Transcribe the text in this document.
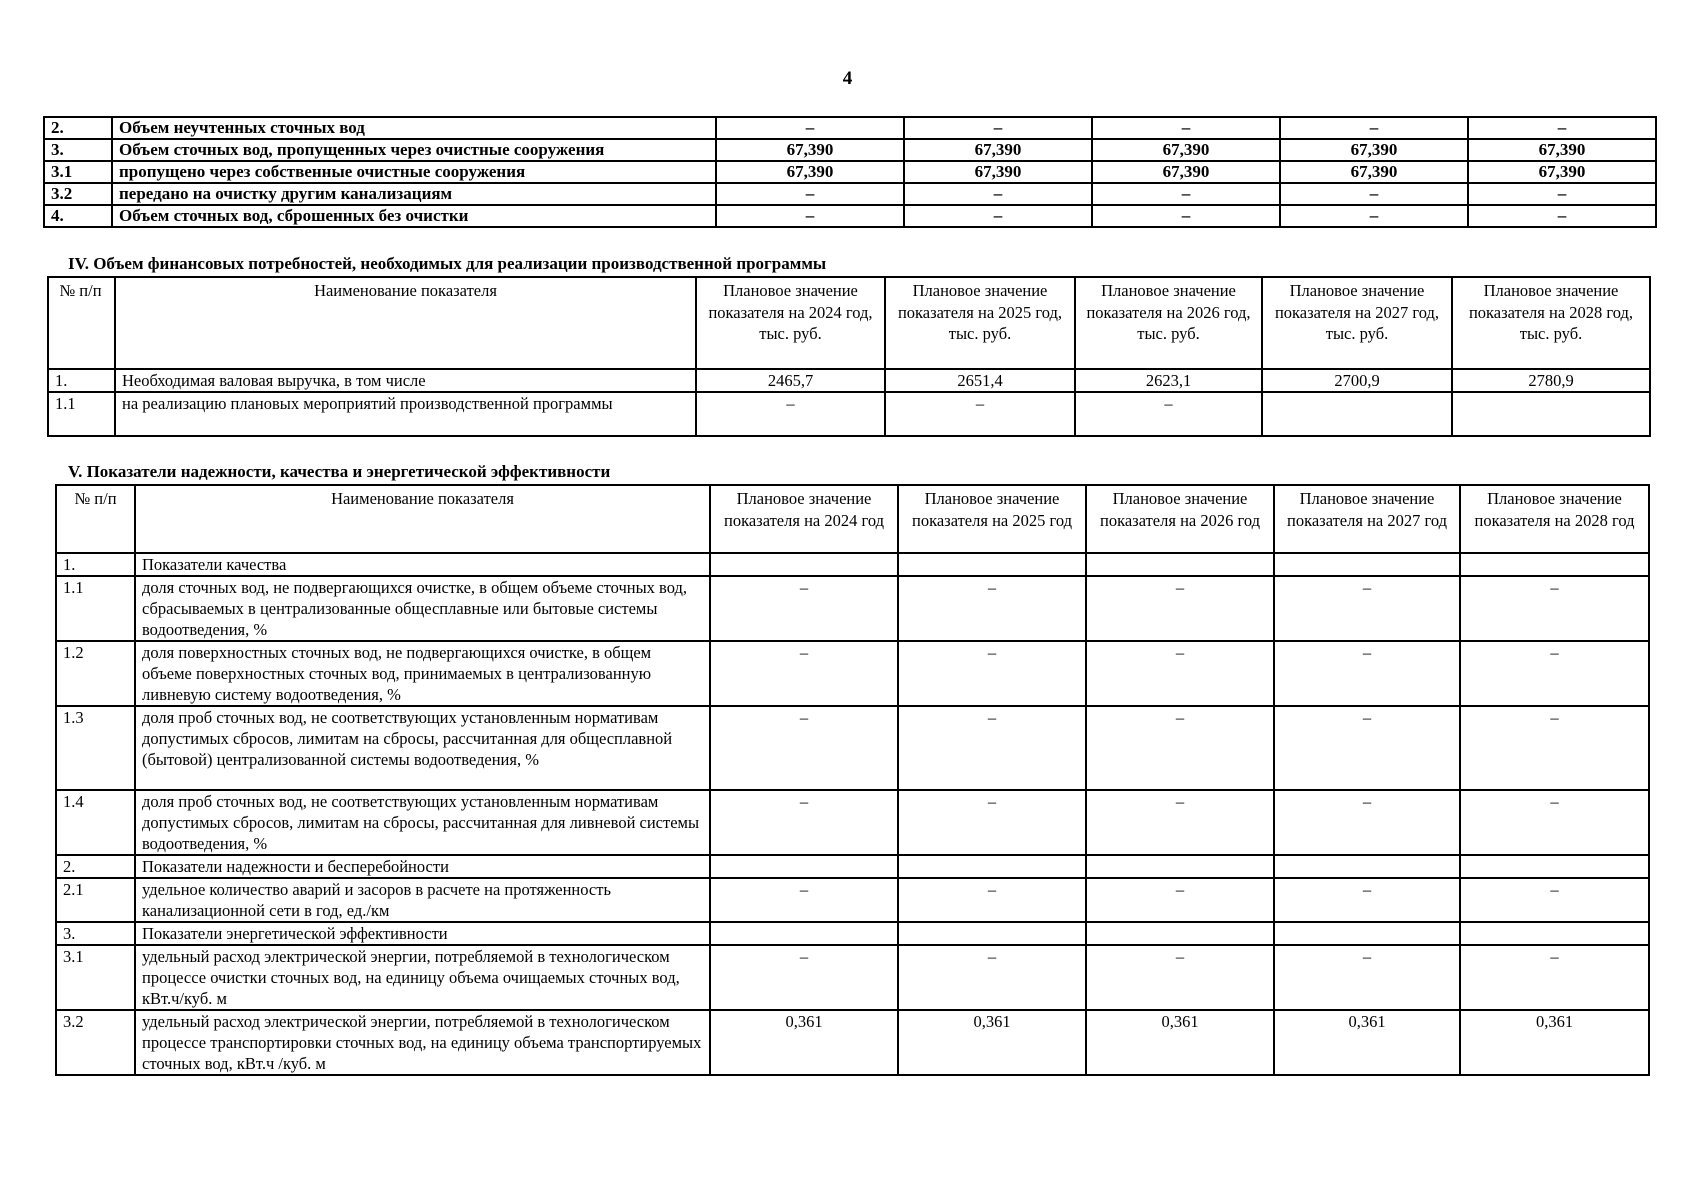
4
2.	Объем неучтенных сточных вод	–	–	–	–	–
3.	Объем сточных вод, пропущенных через очистные сооружения	67,390	67,390	67,390	67,390	67,390
3.1	пропущено через собственные очистные сооружения	67,390	67,390	67,390	67,390	67,390
3.2	передано на очистку другим канализациям	–	–	–	–	–
4.	Объем сточных вод, сброшенных без очистки	–	–	–	–	–
IV. Объем финансовых потребностей, необходимых для реализации производственной программы
№ п/п	Наименование показателя	Плановое значение показателя на 2024 год, тыс. руб.	Плановое значение показателя на 2025 год, тыс. руб.	Плановое значение показателя на 2026 год, тыс. руб.	Плановое значение показателя на 2027 год, тыс. руб.	Плановое значение показателя на 2028 год, тыс. руб.
1.	Необходимая валовая выручка, в том числе	2465,7	2651,4	2623,1	2700,9	2780,9
1.1	на реализацию плановых мероприятий производственной программы	–	–	–		
V. Показатели надежности, качества и энергетической эффективности
№ п/п	Наименование показателя	Плановое значение показателя на 2024 год	Плановое значение показателя на 2025 год	Плановое значение показателя на 2026 год	Плановое значение показателя на 2027 год	Плановое значение показателя на 2028 год
1.	Показатели качества					
1.1	доля сточных вод, не подвергающихся очистке, в общем объеме сточных вод, сбрасываемых в централизованные общесплавные или бытовые системы водоотведения, %	–	–	–	–	–
1.2	доля поверхностных сточных вод, не подвергающихся очистке, в общем объеме поверхностных сточных вод, принимаемых в централизованную ливневую систему водоотведения, %	–	–	–	–	–
1.3	доля проб сточных вод, не соответствующих установленным нормативам допустимых сбросов, лимитам на сбросы, рассчитанная для общесплавной (бытовой) централизованной системы водоотведения, %	–	–	–	–	–
1.4	доля проб сточных вод, не соответствующих установленным нормативам допустимых сбросов, лимитам на сбросы, рассчитанная для ливневой системы водоотведения, %	–	–	–	–	–
2.	Показатели надежности и бесперебойности					
2.1	удельное количество аварий и засоров в расчете на протяженность канализационной сети в год, ед./км	–	–	–	–	–
3.	Показатели энергетической эффективности					
3.1	удельный расход электрической энергии, потребляемой в технологическом процессе очистки сточных вод, на единицу объема очищаемых сточных вод, кВт.ч/куб. м	–	–	–	–	–
3.2	удельный расход электрической энергии, потребляемой в технологическом процессе транспортировки сточных вод, на единицу объема транспортируемых сточных вод, кВт.ч /куб. м	0,361	0,361	0,361	0,361	0,361
